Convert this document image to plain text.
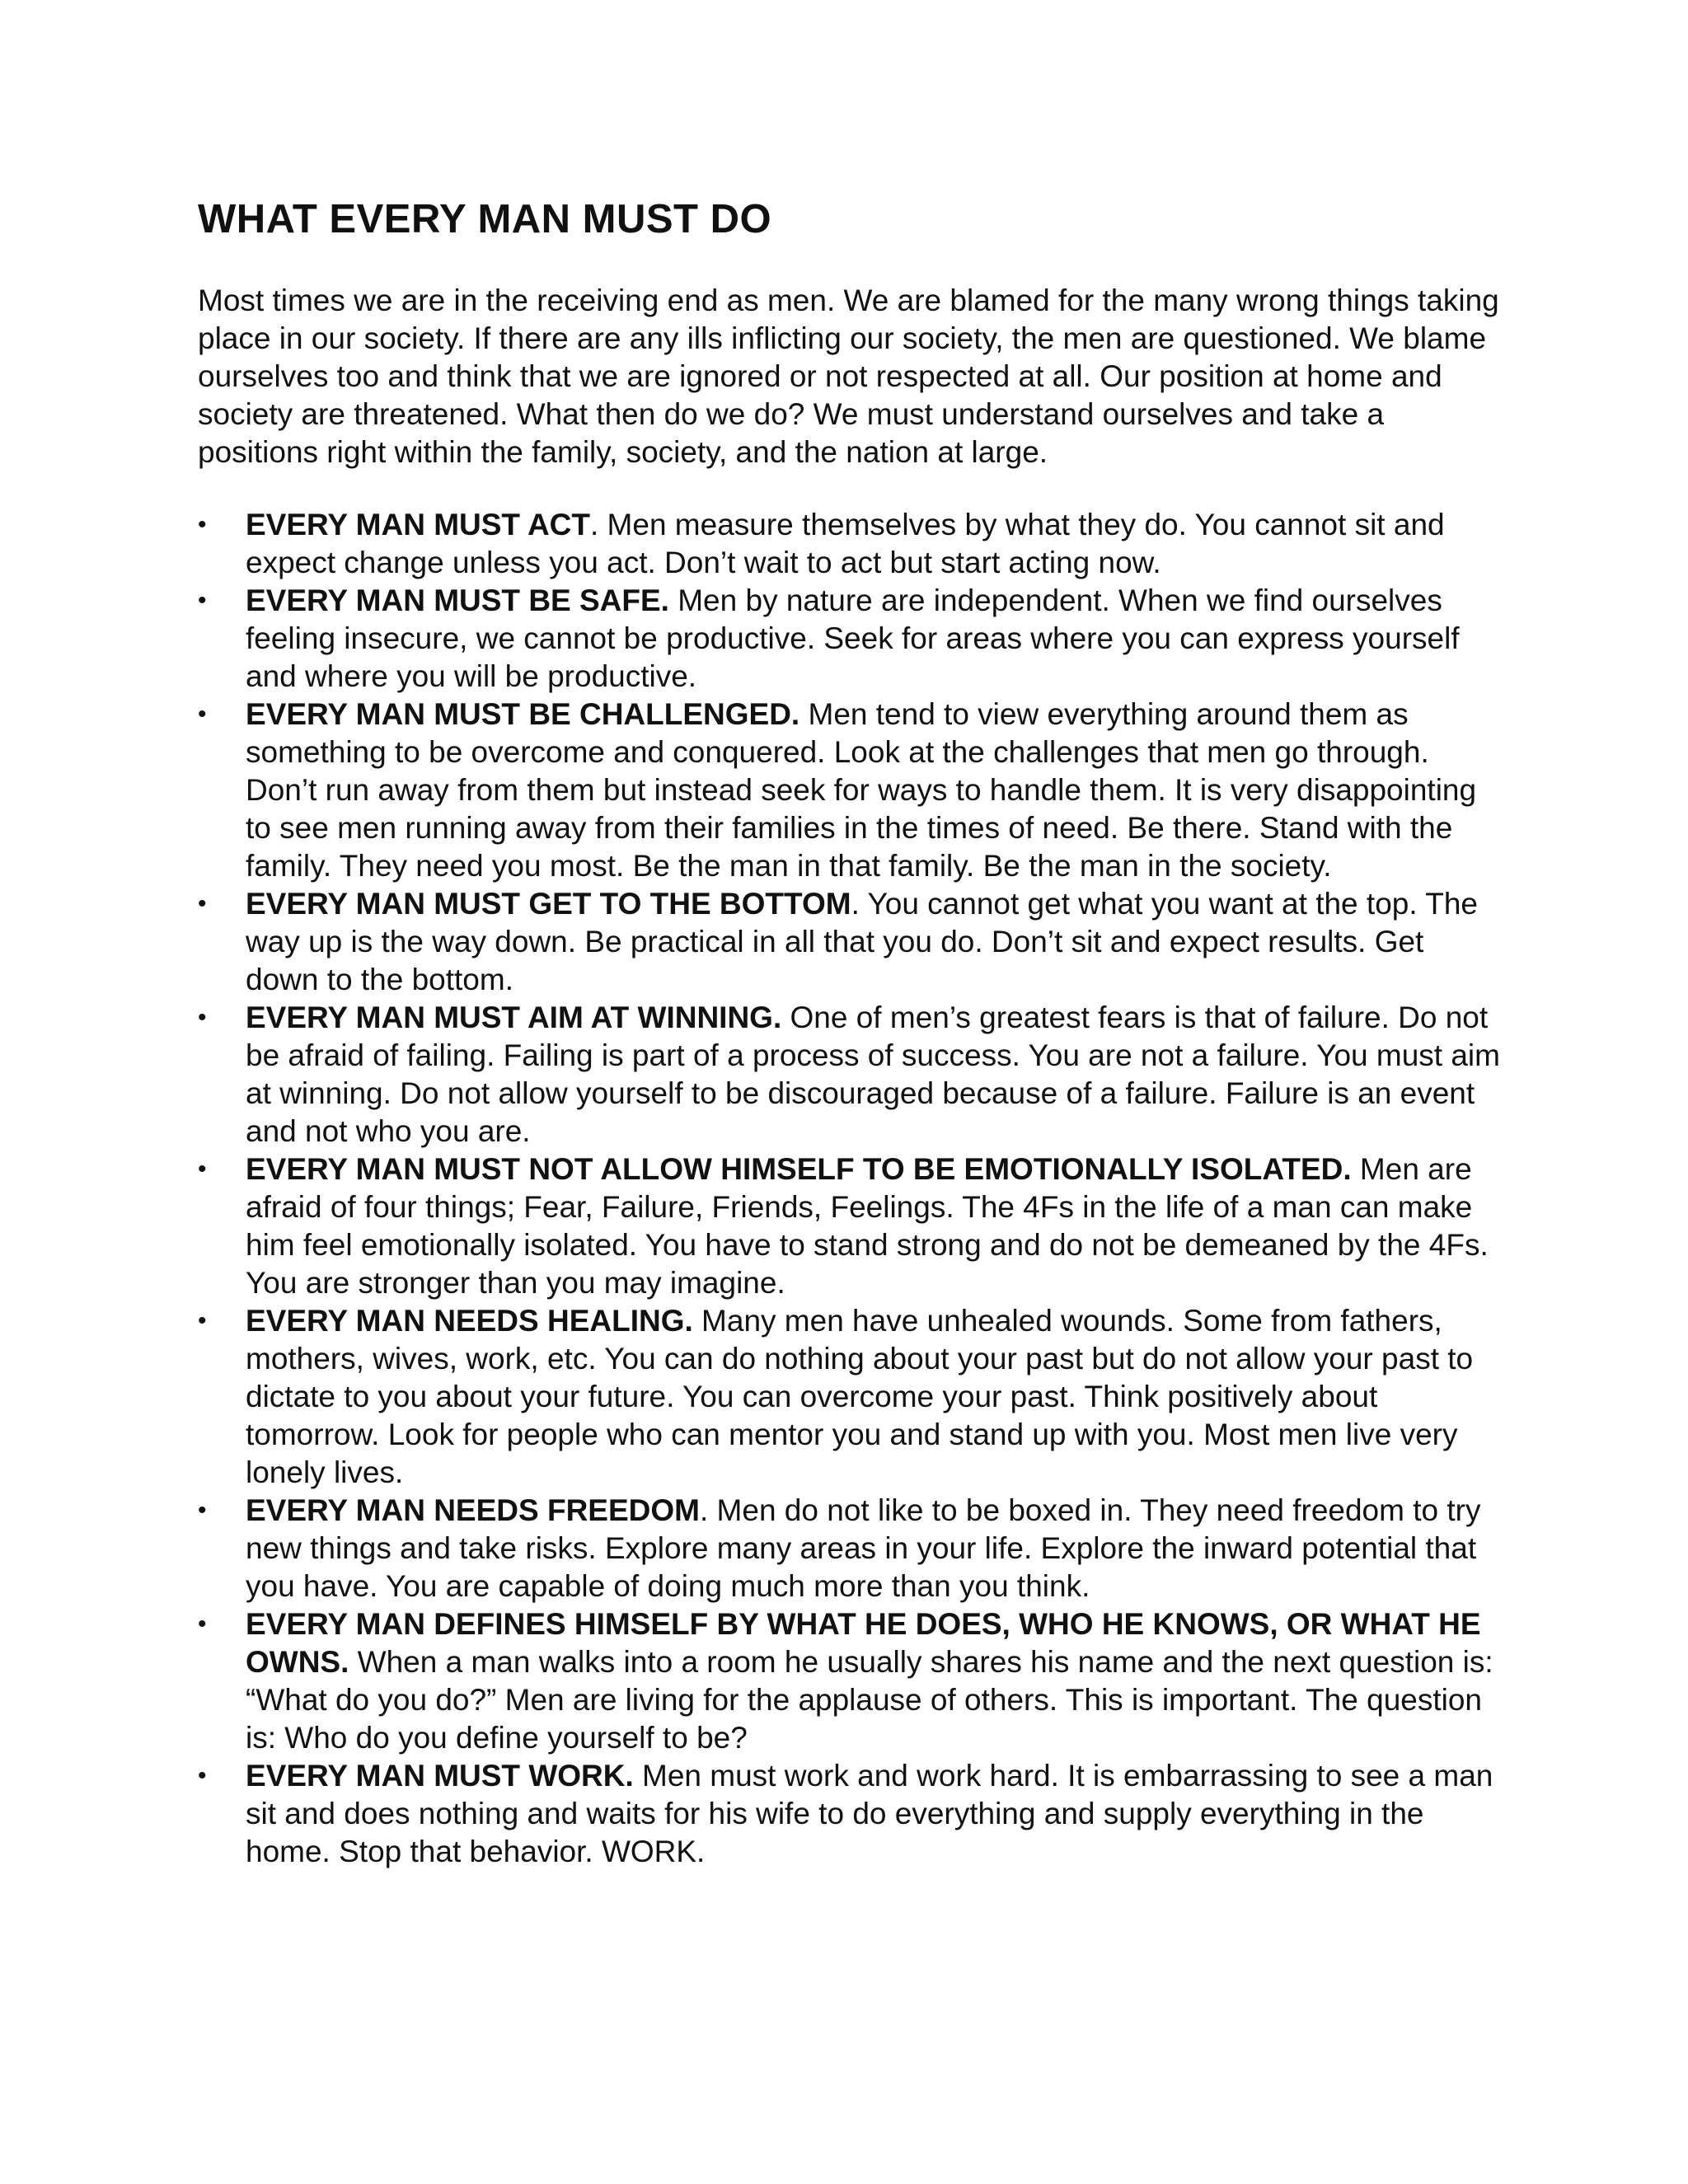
WHAT EVERY MAN MUST DO

Most times we are in the receiving end as men. We are blamed for the many wrong things taking place in our society. If there are any ills inflicting our society, the men are questioned. We blame ourselves too and think that we are ignored or not respected at all. Our position at home and society are threatened. What then do we do? We must understand ourselves and take a positions right within the family, society, and the nation at large.

•	EVERY MAN MUST ACT. Men measure themselves by what they do. You cannot sit and expect change unless you act. Don’t wait to act but start acting now.
•	EVERY MAN MUST BE SAFE. Men by nature are independent. When we find ourselves feeling insecure, we cannot be productive. Seek for areas where you can express yourself and where you will be productive.
•	EVERY MAN MUST BE CHALLENGED. Men tend to view everything around them as something to be overcome and conquered. Look at the challenges that men go through. Don’t run away from them but instead seek for ways to handle them. It is very disappointing to see men running away from their families in the times of need. Be there. Stand with the family. They need you most. Be the man in that family. Be the man in the society.
•	EVERY MAN MUST GET TO THE BOTTOM. You cannot get what you want at the top. The way up is the way down. Be practical in all that you do. Don’t sit and expect results. Get down to the bottom.
•	EVERY MAN MUST AIM AT WINNING. One of men’s greatest fears is that of failure. Do not be afraid of failing. Failing is part of a process of success. You are not a failure. You must aim at winning. Do not allow yourself to be discouraged because of a failure. Failure is an event and not who you are.
•	EVERY MAN MUST NOT ALLOW HIMSELF TO BE EMOTIONALLY ISOLATED. Men are afraid of four things; Fear, Failure, Friends, Feelings. The 4Fs in the life of a man can make him feel emotionally isolated. You have to stand strong and do not be demeaned by the 4Fs. You are stronger than you may imagine.
•	EVERY MAN NEEDS HEALING. Many men have unhealed wounds. Some from fathers, mothers, wives, work, etc. You can do nothing about your past but do not allow your past to dictate to you about your future. You can overcome your past. Think positively about tomorrow. Look for people who can mentor you and stand up with you. Most men live very lonely lives.
•	EVERY MAN NEEDS FREEDOM. Men do not like to be boxed in. They need freedom to try new things and take risks. Explore many areas in your life. Explore the inward potential that you have. You are capable of doing much more than you think.
•	EVERY MAN DEFINES HIMSELF BY WHAT HE DOES, WHO HE KNOWS, OR WHAT HE OWNS. When a man walks into a room he usually shares his name and the next question is: “What do you do?” Men are living for the applause of others. This is important. The question is: Who do you define yourself to be?
•	EVERY MAN MUST WORK. Men must work and work hard. It is embarrassing to see a man sit and does nothing and waits for his wife to do everything and supply everything in the home. Stop that behavior. WORK.
